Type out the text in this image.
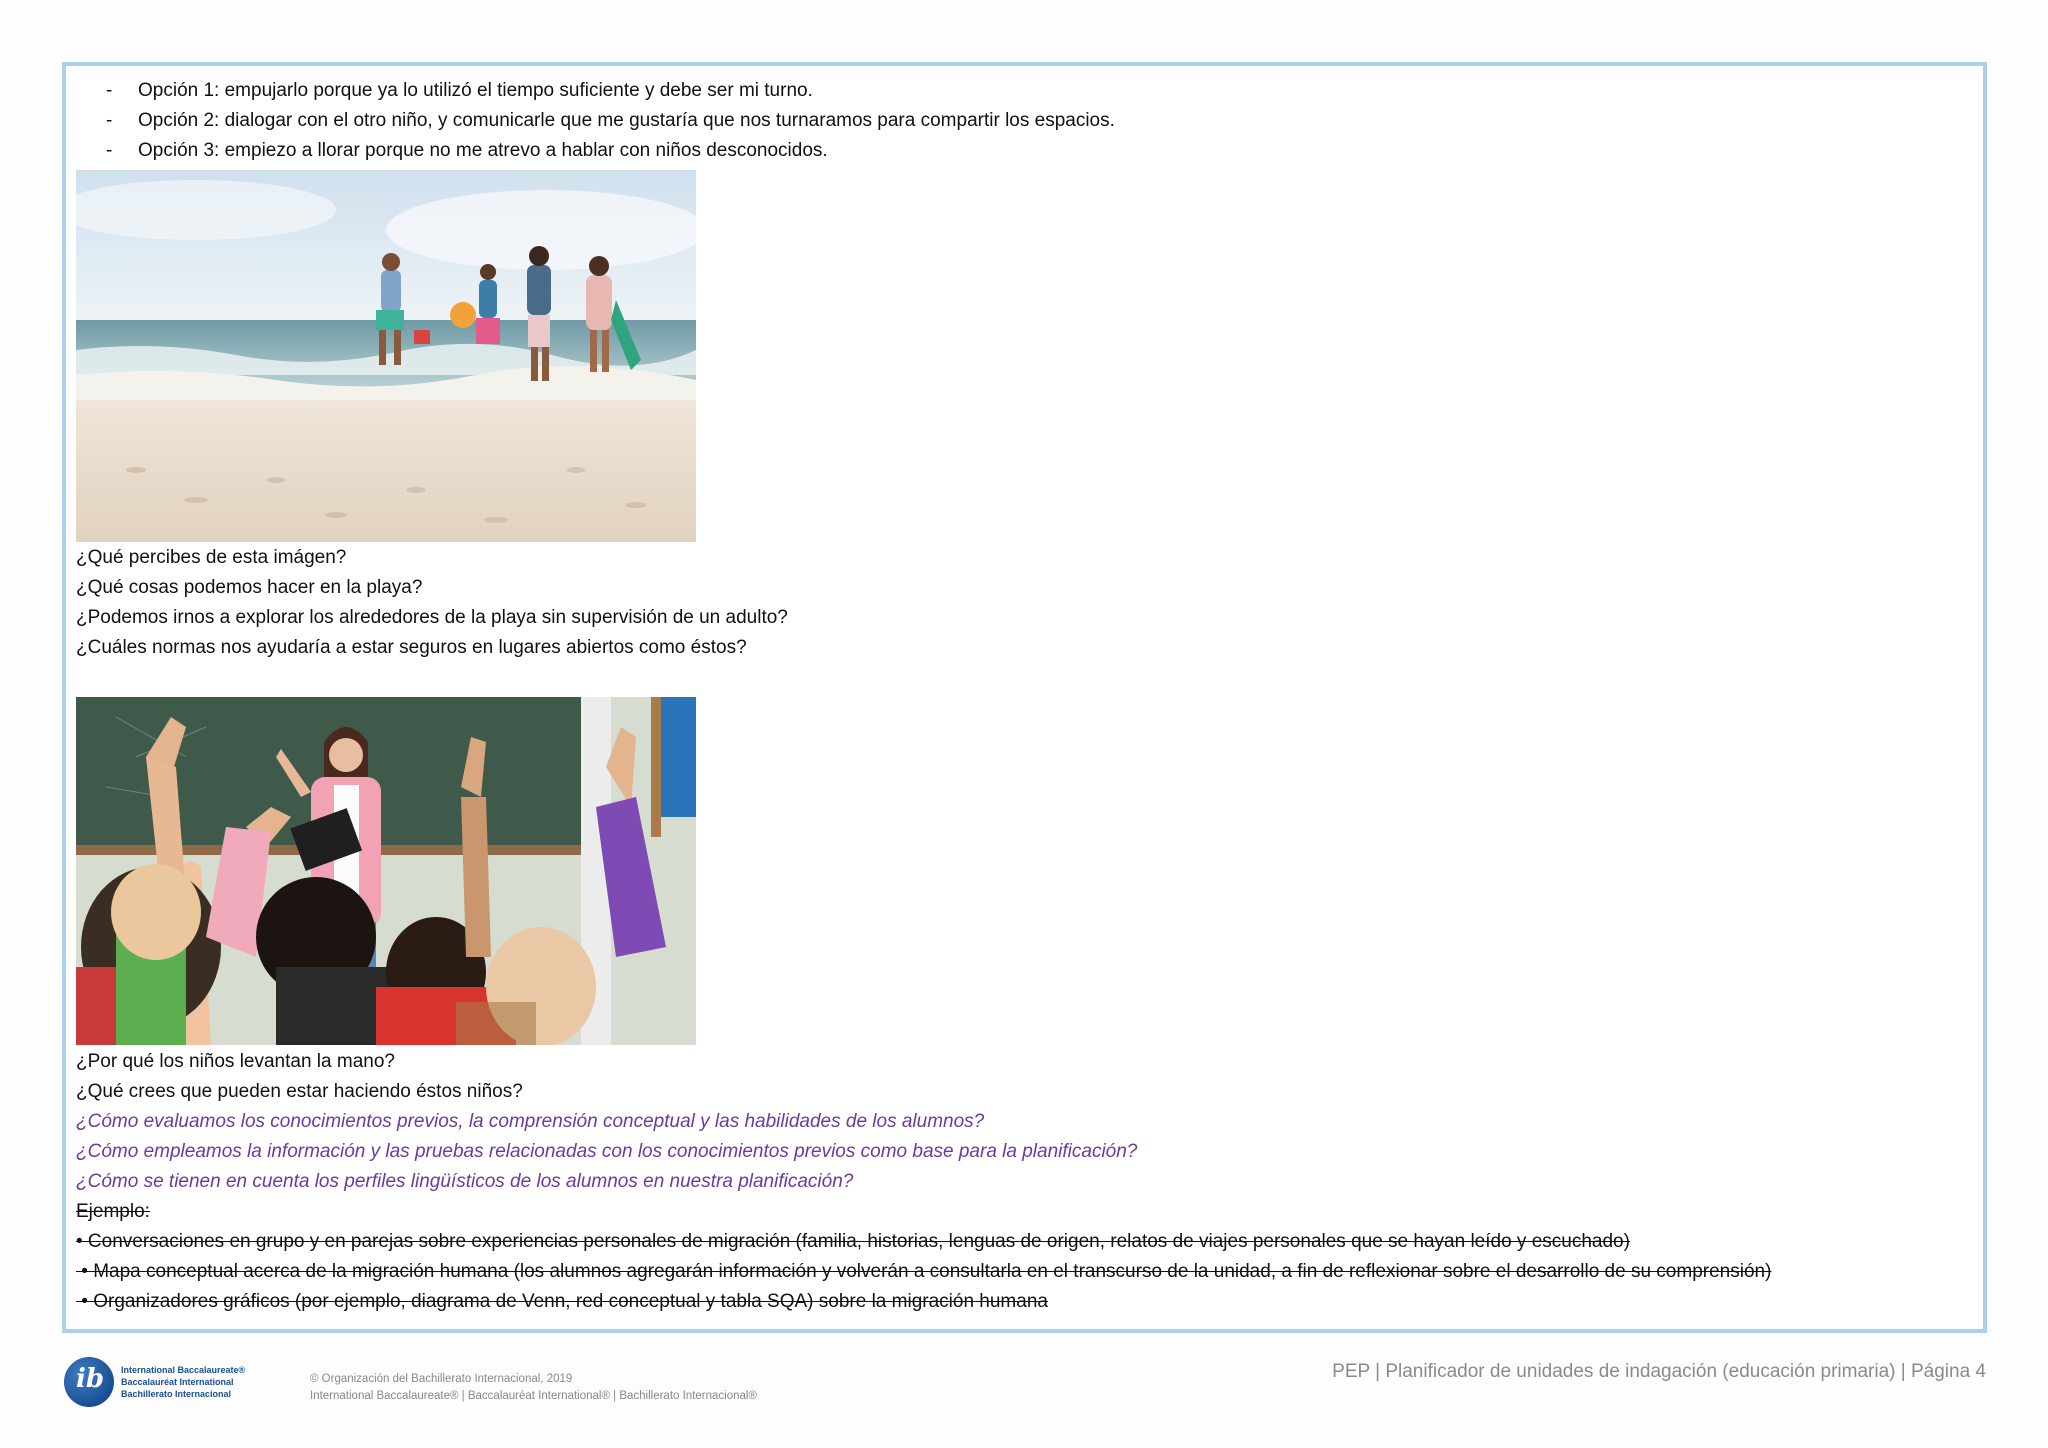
- Opción 1: empujarlo porque ya lo utilizó el tiempo suficiente y debe ser mi turno.
- Opción 2: dialogar con el otro niño, y comunicarle que me gustaría que nos turnaramos para compartir los espacios.
- Opción 3: empiezo a llorar porque no me atrevo a hablar con niños desconocidos.
¿Qué percibes de esta imágen?
¿Qué cosas podemos hacer en la playa?
¿Podemos irnos a explorar los alrededores de la playa sin supervisión de un adulto?
¿Cuáles normas nos ayudaría a estar seguros en lugares abiertos como éstos?
¿Por qué los niños levantan la mano?
¿Qué crees que pueden estar haciendo éstos niños?
¿Cómo evaluamos los conocimientos previos, la comprensión conceptual y las habilidades de los alumnos?
¿Cómo empleamos la información y las pruebas relacionadas con los conocimientos previos como base para la planificación?
¿Cómo se tienen en cuenta los perfiles lingüísticos de los alumnos en nuestra planificación?
Ejemplo:
• Conversaciones en grupo y en parejas sobre experiencias personales de migración (familia, historias, lenguas de origen, relatos de viajes personales que se hayan leído y escuchado)
• Mapa conceptual acerca de la migración humana (los alumnos agregarán información y volverán a consultarla en el transcurso de la unidad, a fin de reflexionar sobre el desarrollo de su comprensión)
• Organizadores gráficos (por ejemplo, diagrama de Venn, red conceptual y tabla SQA) sobre la migración humana
ib International Baccalaureate®
Baccalauréat International
Bachillerato Internacional
© Organización del Bachillerato Internacional, 2019
International Baccalaureate® | Baccalauréat International® | Bachillerato Internacional®
PEP | Planificador de unidades de indagación (educación primaria) | Página 4
